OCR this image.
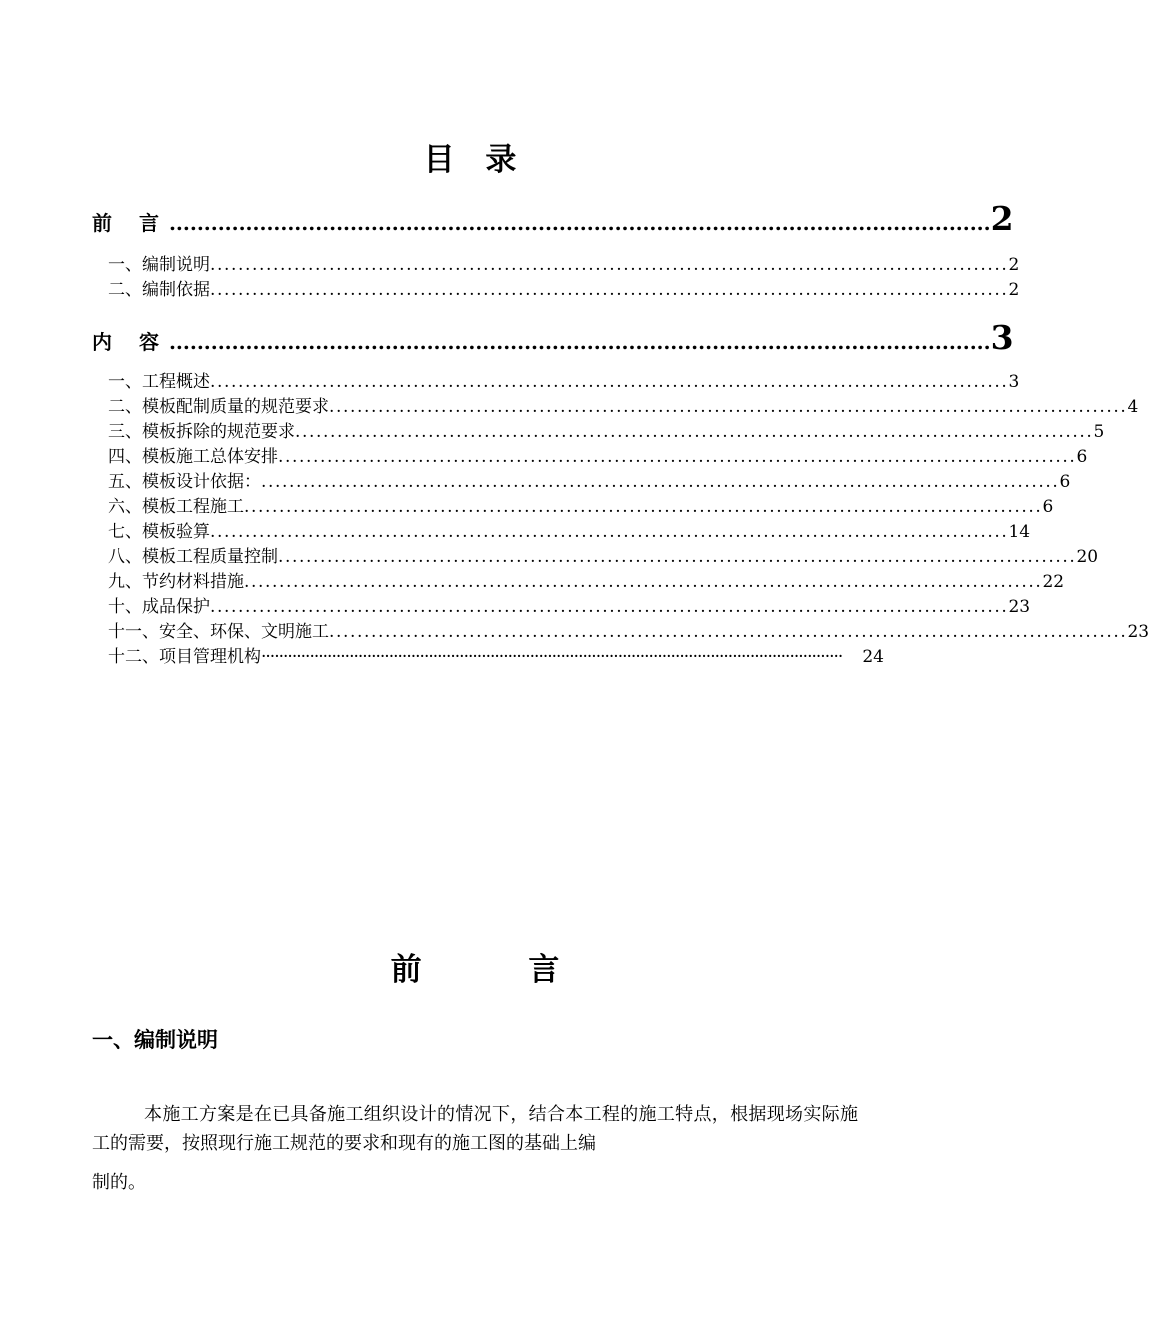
目 录
前 言 ...................................................................................................................... 2
一、编制说明 .................................................................................................................. 2
二、编制依据 .................................................................................................................. 2
内 容 ...................................................................................................................... 3
一、工程概述 .................................................................................................................. 3
二、模板配制质量的规范要求 .................................................................................................................. 4
三、模板拆除的规范要求 .................................................................................................................. 5
四、模板施工总体安排 .................................................................................................................. 6
五、模板设计依据： .................................................................................................................. 6
六、模板工程施工 .................................................................................................................. 6
七、模板验算 .................................................................................................................. 14
八、模板工程质量控制 .................................................................................................................. 20
九、节约材料措施 .................................................................................................................. 22
十、成品保护 .................................................................................................................. 23
十一、安全、环保、文明施工 .................................................................................................................. 23
十二、项目管理机构 ····································································································································	24
前 言
一、编制说明
本施工方案是在已具备施工组织设计的情况下，结合本工程的施工特点，根据现场实际施工的需要，按照现行施工规范的要求和现有的施工图的基础上编
制的。
